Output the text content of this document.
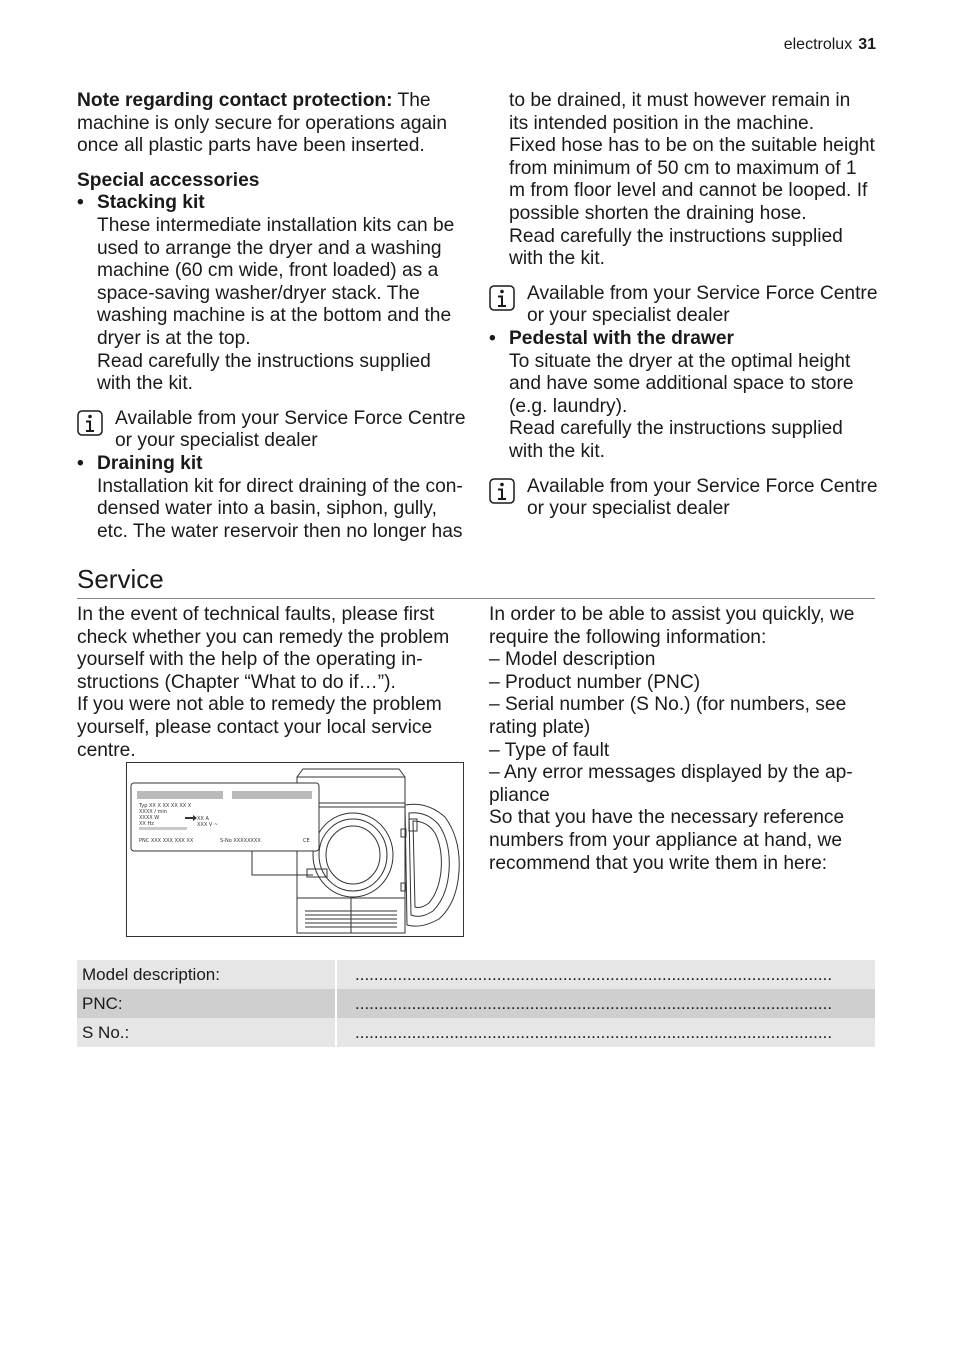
electrolux 31

Note regarding contact protection: The
machine is only secure for operations again
once all plastic parts have been inserted.

Special accessories

• Stacking kit
These intermediate installation kits can be
used to arrange the dryer and a washing
machine (60 cm wide, front loaded) as a
space-saving washer/dryer stack. The
washing machine is at the bottom and the
dryer is at the top.
Read carefully the instructions supplied
with the kit.
Available from your Service Force Centre
or your specialist dealer
• Draining kit
Installation kit for direct draining of the con-
densed water into a basin, siphon, gully,
etc. The water reservoir then no longer has
to be drained, it must however remain in
its intended position in the machine.
Fixed hose has to be on the suitable height
from minimum of 50 cm to maximum of 1
m from floor level and cannot be looped. If
possible shorten the draining hose.
Read carefully the instructions supplied
with the kit.
Available from your Service Force Centre
or your specialist dealer
• Pedestal with the drawer
To situate the dryer at the optimal height
and have some additional space to store
(e.g. laundry).
Read carefully the instructions supplied
with the kit.
Available from your Service Force Centre
or your specialist dealer
Service
In the event of technical faults, please first
check whether you can remedy the problem
yourself with the help of the operating in-
structions (Chapter “What to do if…”).
If you were not able to remedy the problem
yourself, please contact your local service
centre.
In order to be able to assist you quickly, we
require the following information:
– Model description
– Product number (PNC)
– Serial number (S No.) (for numbers, see
rating plate)
– Type of fault
– Any error messages displayed by the ap-
pliance
So that you have the necessary reference
numbers from your appliance at hand, we
recommend that you write them in here:
Typ XX X XX XX XX X
XXXX / min
XXXX W
XX Hz
XX A
XXX V ~
PNC XXX XXX XXX XX	S-No XXXXXXXX	CE
Model description:	.....................................................................................................
PNC:	.....................................................................................................
S No.:	.....................................................................................................
